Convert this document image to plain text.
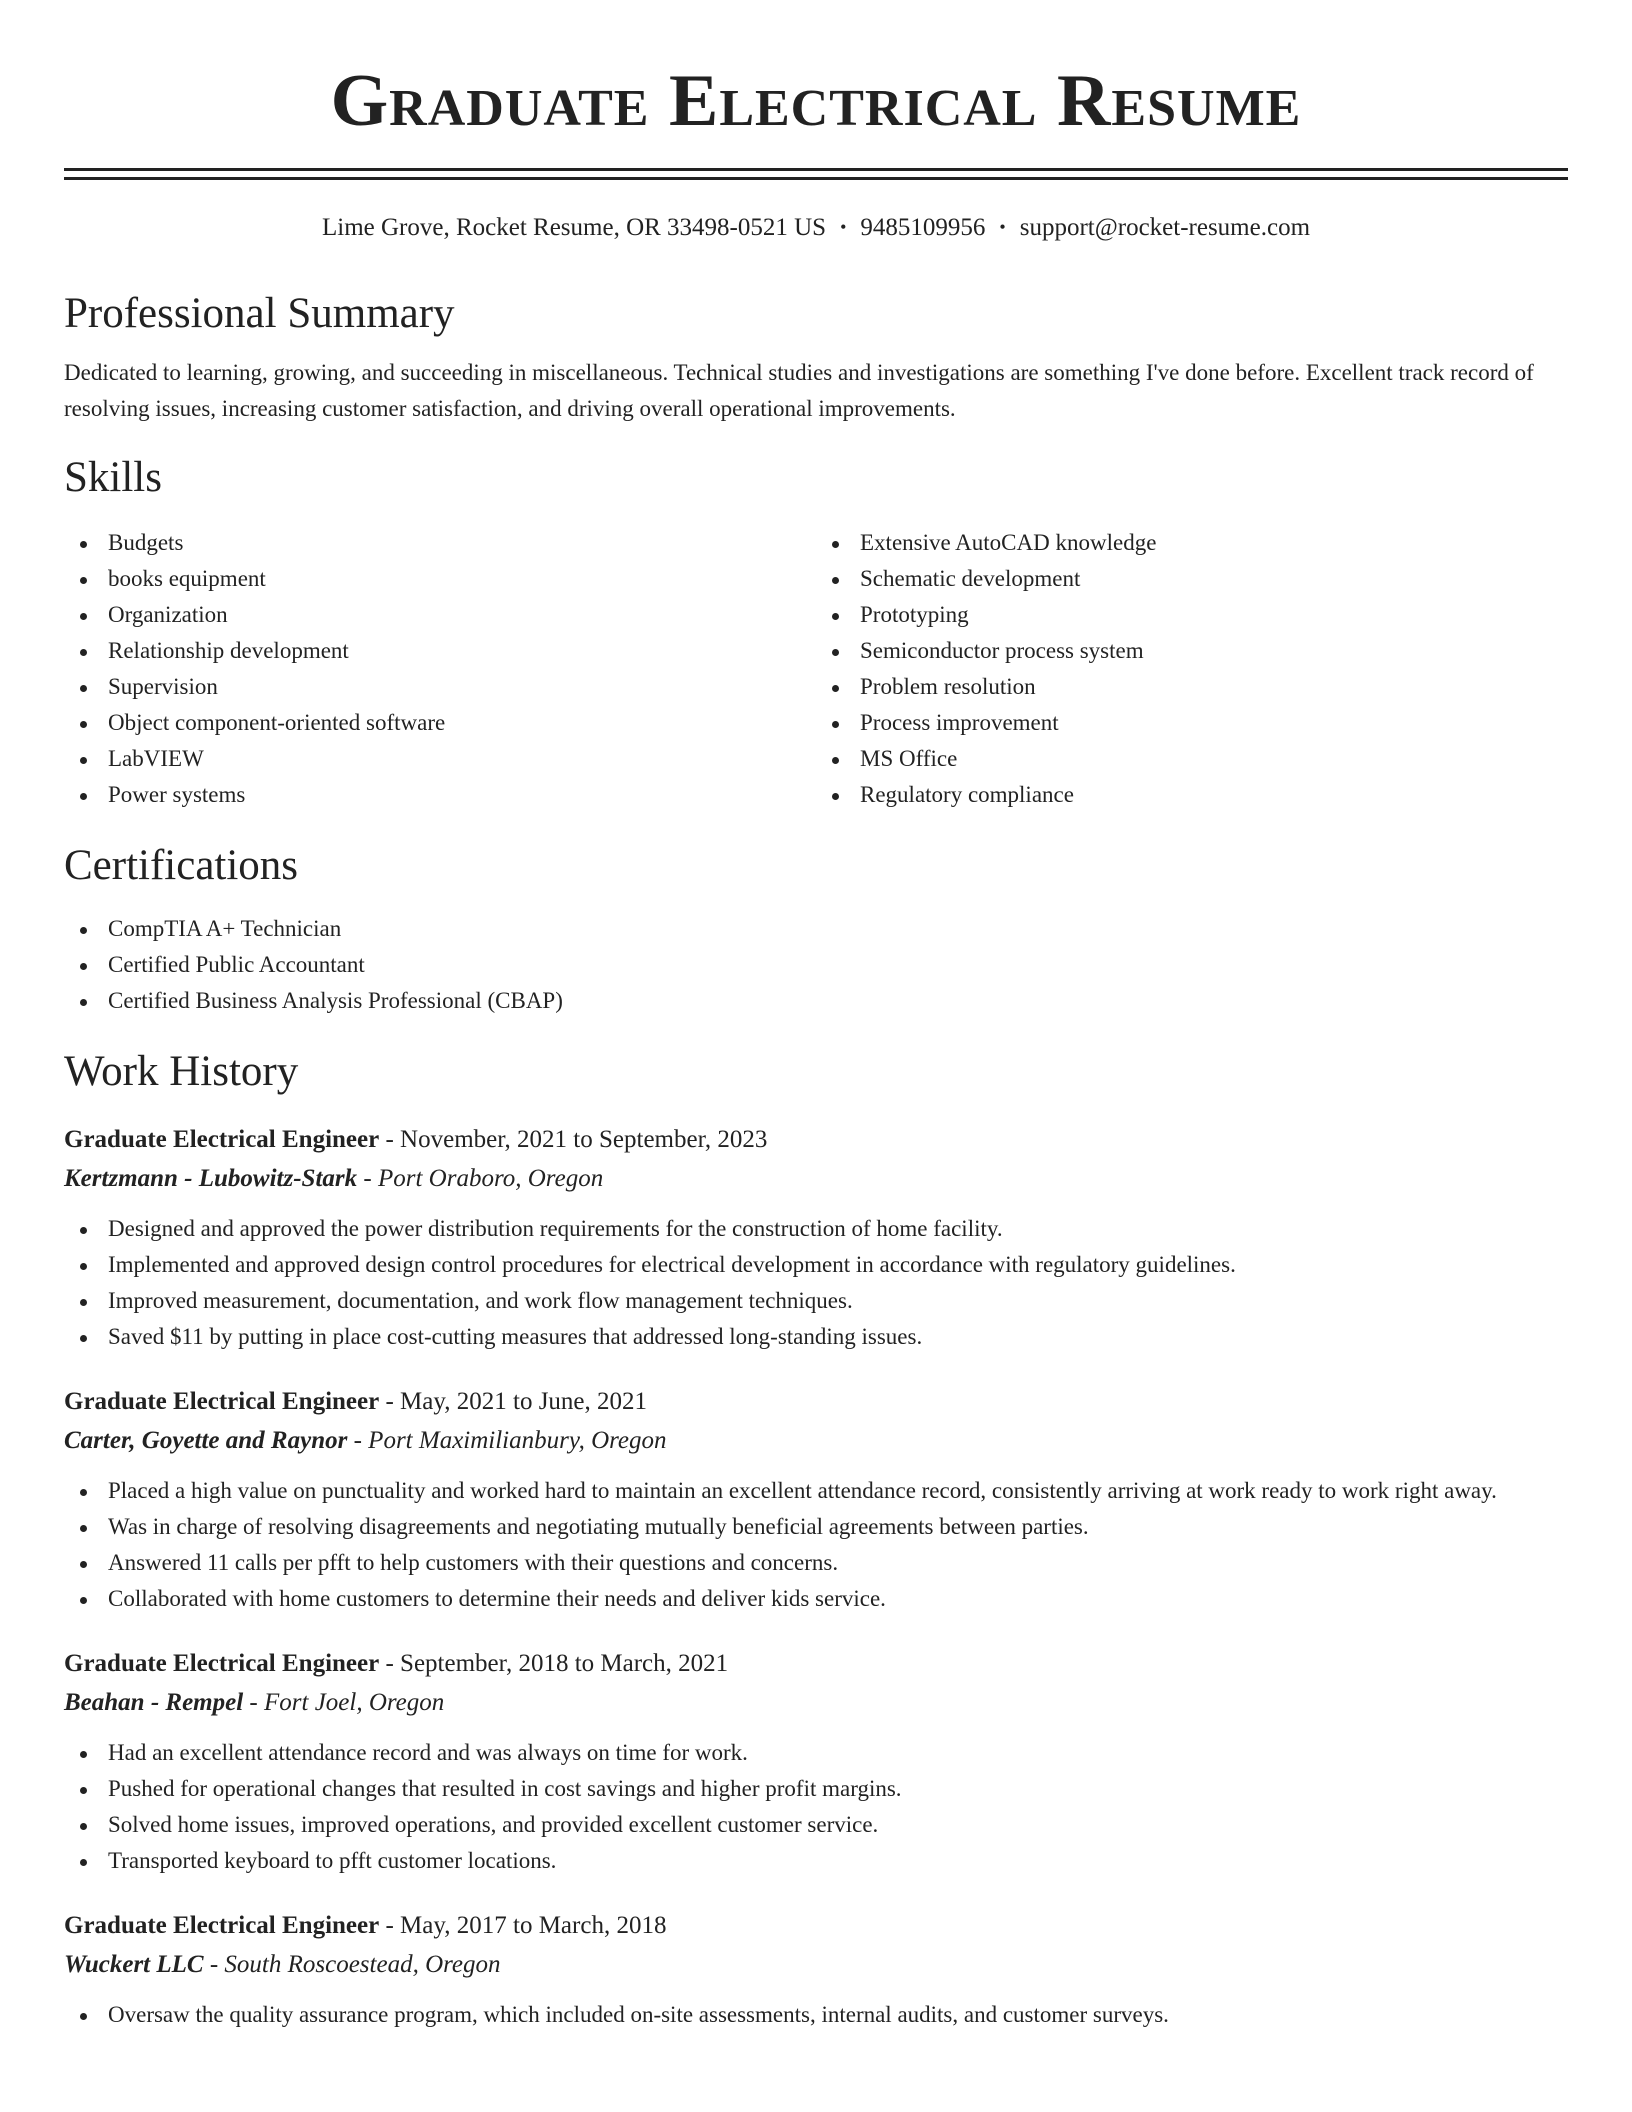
Graduate Electrical Resume
Lime Grove, Rocket Resume, OR 33498-0521 US • 9485109956 • support@rocket-resume.com
Professional Summary

Dedicated to learning, growing, and succeeding in miscellaneous. Technical studies and investigations are something I've done before. Excellent track record of resolving issues, increasing customer satisfaction, and driving overall operational improvements.

Skills
Budgets
books equipment
Organization
Relationship development
Supervision
Object component-oriented software
LabVIEW
Power systems
Extensive AutoCAD knowledge
Schematic development
Prototyping
Semiconductor process system
Problem resolution
Process improvement
MS Office
Regulatory compliance
Certifications
CompTIA A+ Technician
Certified Public Accountant
Certified Business Analysis Professional (CBAP)
Work History
Graduate Electrical Engineer - November, 2021 to September, 2023
Kertzmann - Lubowitz-Stark - Port Oraboro, Oregon
Designed and approved the power distribution requirements for the construction of home facility.
Implemented and approved design control procedures for electrical development in accordance with regulatory guidelines.
Improved measurement, documentation, and work flow management techniques.
Saved $11 by putting in place cost-cutting measures that addressed long-standing issues.
Graduate Electrical Engineer - May, 2021 to June, 2021
Carter, Goyette and Raynor - Port Maximilianbury, Oregon
Placed a high value on punctuality and worked hard to maintain an excellent attendance record, consistently arriving at work ready to work right away.
Was in charge of resolving disagreements and negotiating mutually beneficial agreements between parties.
Answered 11 calls per pfft to help customers with their questions and concerns.
Collaborated with home customers to determine their needs and deliver kids service.
Graduate Electrical Engineer - September, 2018 to March, 2021
Beahan - Rempel - Fort Joel, Oregon
Had an excellent attendance record and was always on time for work.
Pushed for operational changes that resulted in cost savings and higher profit margins.
Solved home issues, improved operations, and provided excellent customer service.
Transported keyboard to pfft customer locations.
Graduate Electrical Engineer - May, 2017 to March, 2018
Wuckert LLC - South Roscoestead, Oregon
Oversaw the quality assurance program, which included on-site assessments, internal audits, and customer surveys.
